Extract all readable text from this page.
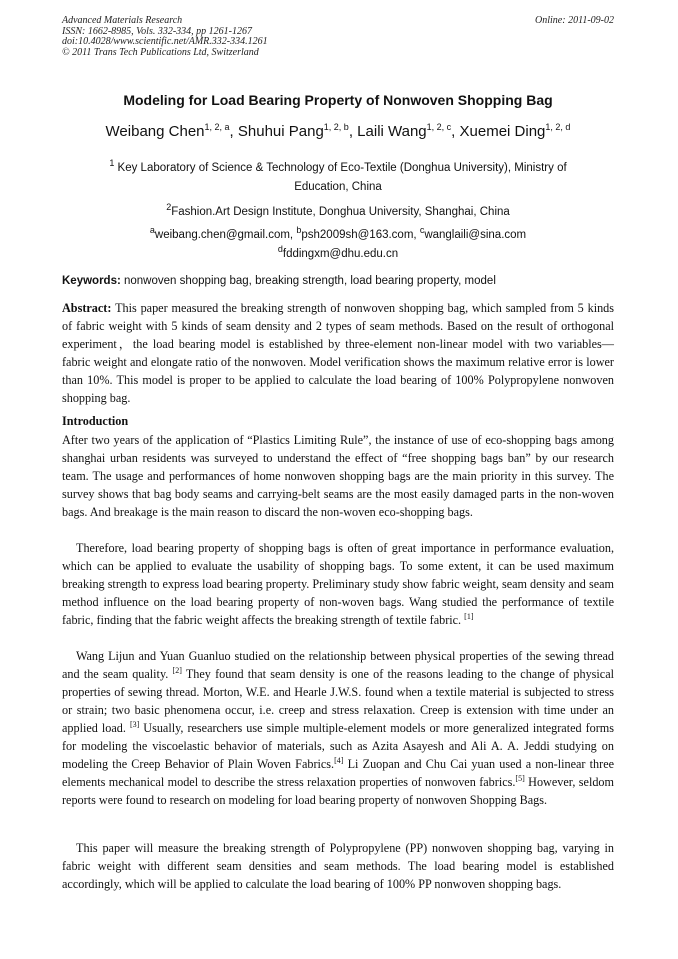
Advanced Materials Research
ISSN: 1662-8985, Vols. 332-334, pp 1261-1267
doi:10.4028/www.scientific.net/AMR.332-334.1261
© 2011 Trans Tech Publications Ltd, Switzerland
Online: 2011-09-02
Modeling for Load Bearing Property of Nonwoven Shopping Bag
Weibang Chen$^{1, 2, a}$, Shuhui Pang$^{1, 2, b}$, Laili Wang$^{1, 2, c}$, Xuemei Ding$^{1, 2, d}$
$^1$ Key Laboratory of Science & Technology of Eco-Textile (Donghua University), Ministry of Education, China
$^2$Fashion.Art Design Institute, Donghua University, Shanghai, China
$^a$weibang.chen@gmail.com, $^b$psh2009sh@163.com, $^c$wanglaili@sina.com
$^d$fddingxm@dhu.edu.cn
Keywords: nonwoven shopping bag, breaking strength, load bearing property, model
Abstract: This paper measured the breaking strength of nonwoven shopping bag, which sampled from 5 kinds of fabric weight with 5 kinds of seam density and 2 types of seam methods. Based on the result of orthogonal experiment，the load bearing model is established by three-element non-linear model with two variables—fabric weight and elongate ratio of the nonwoven. Model verification shows the maximum relative error is lower than 10%. This model is proper to be applied to calculate the load bearing of 100% Polypropylene nonwoven shopping bag.
Introduction
After two years of the application of “Plastics Limiting Rule”, the instance of use of eco-shopping bags among shanghai urban residents was surveyed to understand the effect of “free shopping bags ban” by our research team. The usage and performances of home nonwoven shopping bags are the main priority in this survey. The survey shows that bag body seams and carrying-belt seams are the most easily damaged parts in the non-woven bags. And breakage is the main reason to discard the non-woven eco-shopping bags.
Therefore, load bearing property of shopping bags is often of great importance in performance evaluation, which can be applied to evaluate the usability of shopping bags. To some extent, it can be used maximum breaking strength to express load bearing property. Preliminary study show fabric weight, seam density and seam method influence on the load bearing property of non-woven bags. Wang studied the performance of textile fabric, finding that the fabric weight affects the breaking strength of textile fabric. [1]
Wang Lijun and Yuan Guanluo studied on the relationship between physical properties of the sewing thread and the seam quality. [2] They found that seam density is one of the reasons leading to the change of physical properties of sewing thread. Morton, W.E. and Hearle J.W.S. found when a textile material is subjected to stress or strain; two basic phenomena occur, i.e. creep and stress relaxation. Creep is extension with time under an applied load. [3] Usually, researchers use simple multiple-element models or more generalized integrated forms for modeling the viscoelastic behavior of materials, such as Azita Asayesh and Ali A. A. Jeddi studying on modeling the Creep Behavior of Plain Woven Fabrics.[4] Li Zuopan and Chu Cai yuan used a non-linear three elements mechanical model to describe the stress relaxation properties of nonwoven fabrics.[5] However, seldom reports were found to research on modeling for load bearing property of nonwoven Shopping Bags.
This paper will measure the breaking strength of Polypropylene (PP) nonwoven shopping bag, varying in fabric weight with different seam densities and seam methods. The load bearing model is established accordingly, which will be applied to calculate the load bearing of 100% PP nonwoven shopping bags.
